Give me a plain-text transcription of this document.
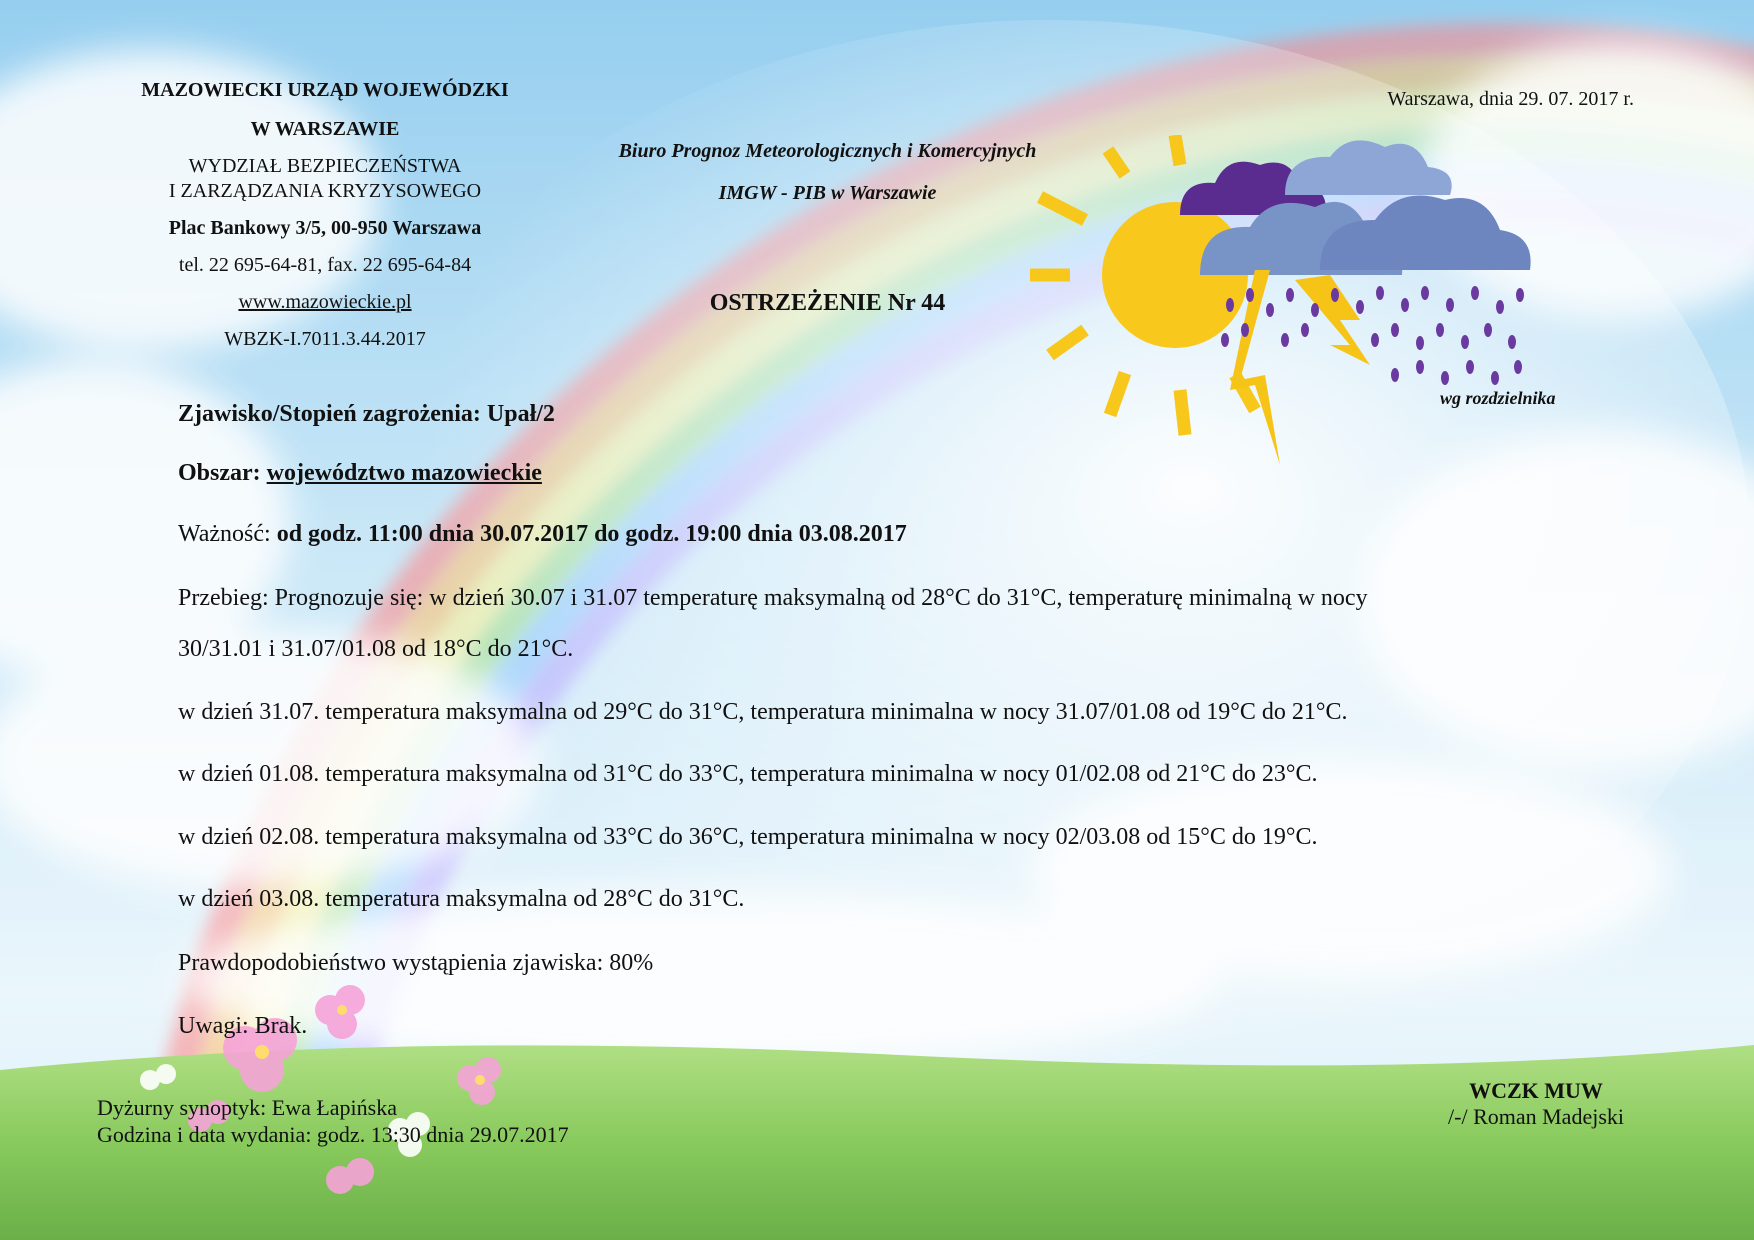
MAZOWIECKI URZĄD WOJEWÓDZKI
W WARSZAWIE
WYDZIAŁ BEZPIECZEŃSTWA
I ZARZĄDZANIA KRYZYSOWEGO
Plac Bankowy 3/5, 00-950 Warszawa
tel. 22 695-64-81, fax. 22 695-64-84
www.mazowieckie.pl
WBZK-I.7011.3.44.2017
Biuro Prognoz Meteorologicznych i Komercyjnych
IMGW - PIB w Warszawie
OSTRZEŻENIE Nr 44
Warszawa, dnia 29. 07. 2017 r.
wg rozdzielnika
Zjawisko/Stopień zagrożenia: Upał/2
Obszar: województwo mazowieckie
Ważność: od godz. 11:00 dnia 30.07.2017 do godz. 19:00 dnia 03.08.2017
Przebieg: Prognozuje się: w dzień 30.07 i 31.07 temperaturę maksymalną od 28°C do 31°C, temperaturę minimalną w nocy
30/31.01 i 31.07/01.08 od 18°C do 21°C.
w dzień 31.07. temperatura maksymalna od 29°C do 31°C, temperatura minimalna w nocy 31.07/01.08 od 19°C do 21°C.
w dzień 01.08. temperatura maksymalna od 31°C do 33°C, temperatura minimalna w nocy 01/02.08 od 21°C do 23°C.
w dzień 02.08. temperatura maksymalna od 33°C do 36°C, temperatura minimalna w nocy 02/03.08 od 15°C do 19°C.
w dzień 03.08. temperatura maksymalna od 28°C do 31°C.
Prawdopodobieństwo wystąpienia zjawiska: 80%
Uwagi: Brak.
Dyżurny synoptyk: Ewa Łapińska
Godzina i data wydania: godz. 13:30 dnia 29.07.2017
WCZK MUW
/-/ Roman Madejski
